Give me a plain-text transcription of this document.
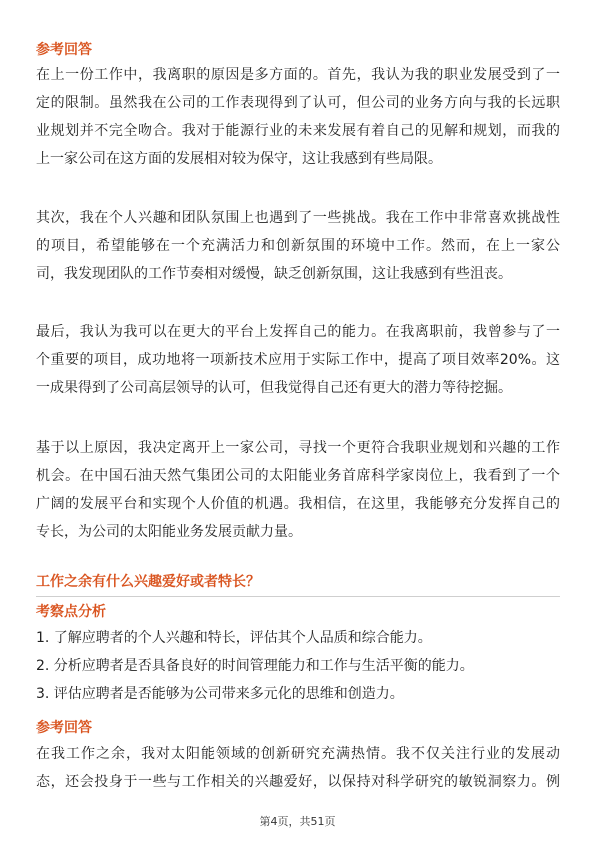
参考回答
在上一份工作中，我离职的原因是多方面的。首先，我认为我的职业发展受到了一
定的限制。虽然我在公司的工作表现得到了认可，但公司的业务方向与我的长远职
业规划并不完全吻合。我对于能源行业的未来发展有着自己的见解和规划，而我的
上一家公司在这方面的发展相对较为保守，这让我感到有些局限。
其次，我在个人兴趣和团队氛围上也遇到了一些挑战。我在工作中非常喜欢挑战性
的项目，希望能够在一个充满活力和创新氛围的环境中工作。然而，在上一家公
司，我发现团队的工作节奏相对缓慢，缺乏创新氛围，这让我感到有些沮丧。
最后，我认为我可以在更大的平台上发挥自己的能力。在我离职前，我曾参与了一
个重要的项目，成功地将一项新技术应用于实际工作中，提高了项目效率20%。这
一成果得到了公司高层领导的认可，但我觉得自己还有更大的潜力等待挖掘。
基于以上原因，我决定离开上一家公司，寻找一个更符合我职业规划和兴趣的工作
机会。在中国石油天然气集团公司的太阳能业务首席科学家岗位上，我看到了一个
广阔的发展平台和实现个人价值的机遇。我相信，在这里，我能够充分发挥自己的
专长，为公司的太阳能业务发展贡献力量。
工作之余有什么兴趣爱好或者特长？
考察点分析
1. 了解应聘者的个人兴趣和特长，评估其个人品质和综合能力。
2. 分析应聘者是否具备良好的时间管理能力和工作与生活平衡的能力。
3. 评估应聘者是否能够为公司带来多元化的思维和创造力。
参考回答
在我工作之余，我对太阳能领域的创新研究充满热情。我不仅关注行业的发展动
态，还会投身于一些与工作相关的兴趣爱好，以保持对科学研究的敏锐洞察力。例
第4页，共51页
